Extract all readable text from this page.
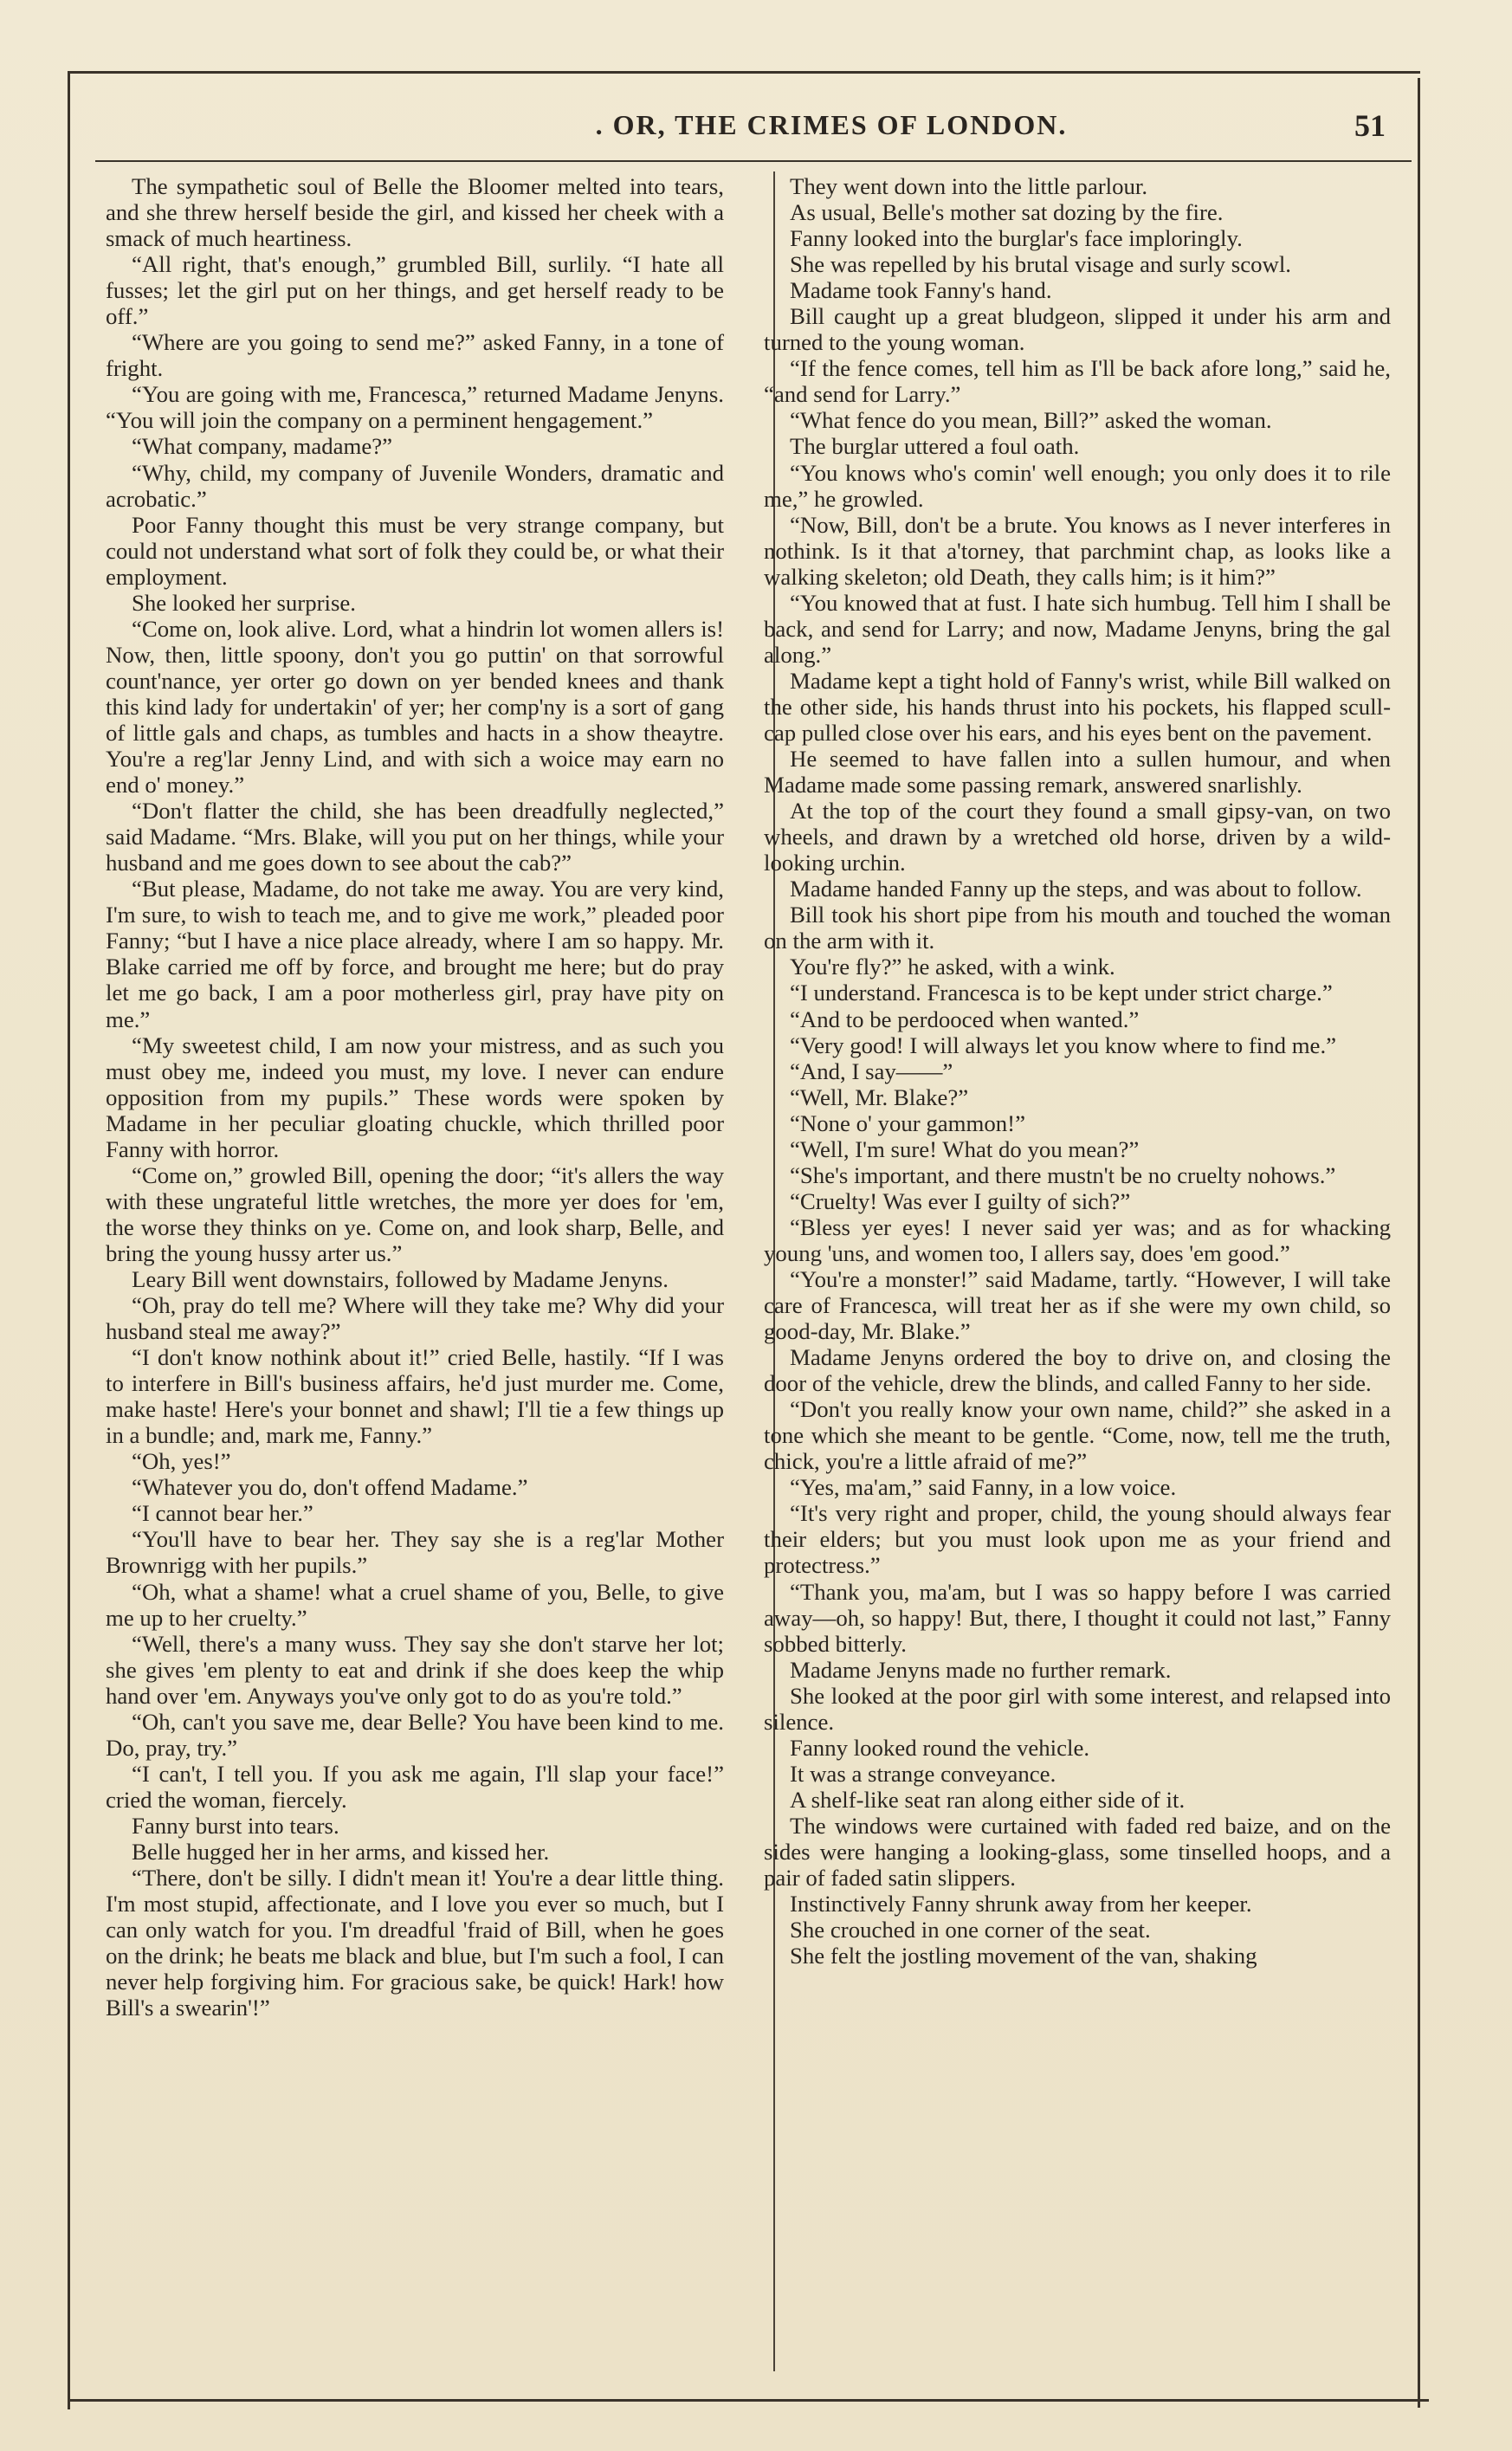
. OR, THE CRIMES OF LONDON.	51

The sympathetic soul of Belle the Bloomer melted into tears, and she threw herself beside the girl, and kissed her cheek with a smack of much heartiness.

“All right, that's enough,” grumbled Bill, surlily. “I hate all fusses; let the girl put on her things, and get herself ready to be off.”

“Where are you going to send me?” asked Fanny, in a tone of fright.

“You are going with me, Francesca,” returned Madame Jenyns. “You will join the company on a perminent hengagement.”

“What company, madame?”

“Why, child, my company of Juvenile Wonders, dramatic and acrobatic.”

Poor Fanny thought this must be very strange company, but could not understand what sort of folk they could be, or what their employment.

She looked her surprise.

“Come on, look alive. Lord, what a hindrin lot women allers is! Now, then, little spoony, don't you go puttin' on that sorrowful count'nance, yer orter go down on yer bended knees and thank this kind lady for undertakin' of yer; her comp'ny is a sort of gang of little gals and chaps, as tumbles and hacts in a show theaytre. You're a reg'lar Jenny Lind, and with sich a woice may earn no end o' money.”

“Don't flatter the child, she has been dreadfully neglected,” said Madame. “Mrs. Blake, will you put on her things, while your husband and me goes down to see about the cab?”

“But please, Madame, do not take me away. You are very kind, I'm sure, to wish to teach me, and to give me work,” pleaded poor Fanny; “but I have a nice place already, where I am so happy. Mr. Blake carried me off by force, and brought me here; but do pray let me go back, I am a poor motherless girl, pray have pity on me.”

“My sweetest child, I am now your mistress, and as such you must obey me, indeed you must, my love. I never can endure opposition from my pupils.” These words were spoken by Madame in her peculiar gloating chuckle, which thrilled poor Fanny with horror.

“Come on,” growled Bill, opening the door; “it's allers the way with these ungrateful little wretches, the more yer does for 'em, the worse they thinks on ye. Come on, and look sharp, Belle, and bring the young hussy arter us.”

Leary Bill went downstairs, followed by Madame Jenyns.

“Oh, pray do tell me? Where will they take me? Why did your husband steal me away?”

“I don't know nothink about it!” cried Belle, hastily. “If I was to interfere in Bill's business affairs, he'd just murder me. Come, make haste! Here's your bonnet and shawl; I'll tie a few things up in a bundle; and, mark me, Fanny.”

“Oh, yes!”

“Whatever you do, don't offend Madame.”

“I cannot bear her.”

“You'll have to bear her. They say she is a reg'lar Mother Brownrigg with her pupils.”

“Oh, what a shame! what a cruel shame of you, Belle, to give me up to her cruelty.”

“Well, there's a many wuss. They say she don't starve her lot; she gives 'em plenty to eat and drink if she does keep the whip hand over 'em. Anyways you've only got to do as you're told.”

“Oh, can't you save me, dear Belle? You have been kind to me. Do, pray, try.”

“I can't, I tell you. If you ask me again, I'll slap your face!” cried the woman, fiercely.

Fanny burst into tears.

Belle hugged her in her arms, and kissed her.

“There, don't be silly. I didn't mean it! You're a dear little thing. I'm most stupid, affectionate, and I love you ever so much, but I can only watch for you. I'm dreadful 'fraid of Bill, when he goes on the drink; he beats me black and blue, but I'm such a fool, I can never help forgiving him. For gracious sake, be quick! Hark! how Bill's a swearin'!”

They went down into the little parlour.

As usual, Belle's mother sat dozing by the fire.

Fanny looked into the burglar's face imploringly.

She was repelled by his brutal visage and surly scowl.

Madame took Fanny's hand.

Bill caught up a great bludgeon, slipped it under his arm and turned to the young woman.

“If the fence comes, tell him as I'll be back afore long,” said he, “and send for Larry.”

“What fence do you mean, Bill?” asked the woman.

The burglar uttered a foul oath.

“You knows who's comin' well enough; you only does it to rile me,” he growled.

“Now, Bill, don't be a brute. You knows as I never interferes in nothink. Is it that a'torney, that parchmint chap, as looks like a walking skeleton; old Death, they calls him; is it him?”

“You knowed that at fust. I hate sich humbug. Tell him I shall be back, and send for Larry; and now, Madame Jenyns, bring the gal along.”

Madame kept a tight hold of Fanny's wrist, while Bill walked on the other side, his hands thrust into his pockets, his flapped scull-cap pulled close over his ears, and his eyes bent on the pavement.

He seemed to have fallen into a sullen humour, and when Madame made some passing remark, answered snarlishly.

At the top of the court they found a small gipsy-van, on two wheels, and drawn by a wretched old horse, driven by a wild-looking urchin.

Madame handed Fanny up the steps, and was about to follow.

Bill took his short pipe from his mouth and touched the woman on the arm with it.

You're fly?” he asked, with a wink.

“I understand. Francesca is to be kept under strict charge.”

“And to be perdooced when wanted.”

“Very good! I will always let you know where to find me.”

“And, I say——”

“Well, Mr. Blake?”

“None o' your gammon!”

“Well, I'm sure! What do you mean?”

“She's important, and there mustn't be no cruelty nohows.”

“Cruelty! Was ever I guilty of sich?”

“Bless yer eyes! I never said yer was; and as for whacking young 'uns, and women too, I allers say, does 'em good.”

“You're a monster!” said Madame, tartly. “However, I will take care of Francesca, will treat her as if she were my own child, so good-day, Mr. Blake.”

Madame Jenyns ordered the boy to drive on, and closing the door of the vehicle, drew the blinds, and called Fanny to her side.

“Don't you really know your own name, child?” she asked in a tone which she meant to be gentle. “Come, now, tell me the truth, chick, you're a little afraid of me?”

“Yes, ma'am,” said Fanny, in a low voice.

“It's very right and proper, child, the young should always fear their elders; but you must look upon me as your friend and protectress.”

“Thank you, ma'am, but I was so happy before I was carried away—oh, so happy! But, there, I thought it could not last,” Fanny sobbed bitterly.

Madame Jenyns made no further remark.

She looked at the poor girl with some interest, and relapsed into silence.

Fanny looked round the vehicle.

It was a strange conveyance.

A shelf-like seat ran along either side of it.

The windows were curtained with faded red baize, and on the sides were hanging a looking-glass, some tinselled hoops, and a pair of faded satin slippers.

Instinctively Fanny shrunk away from her keeper.

She crouched in one corner of the seat.

She felt the jostling movement of the van, shaking
